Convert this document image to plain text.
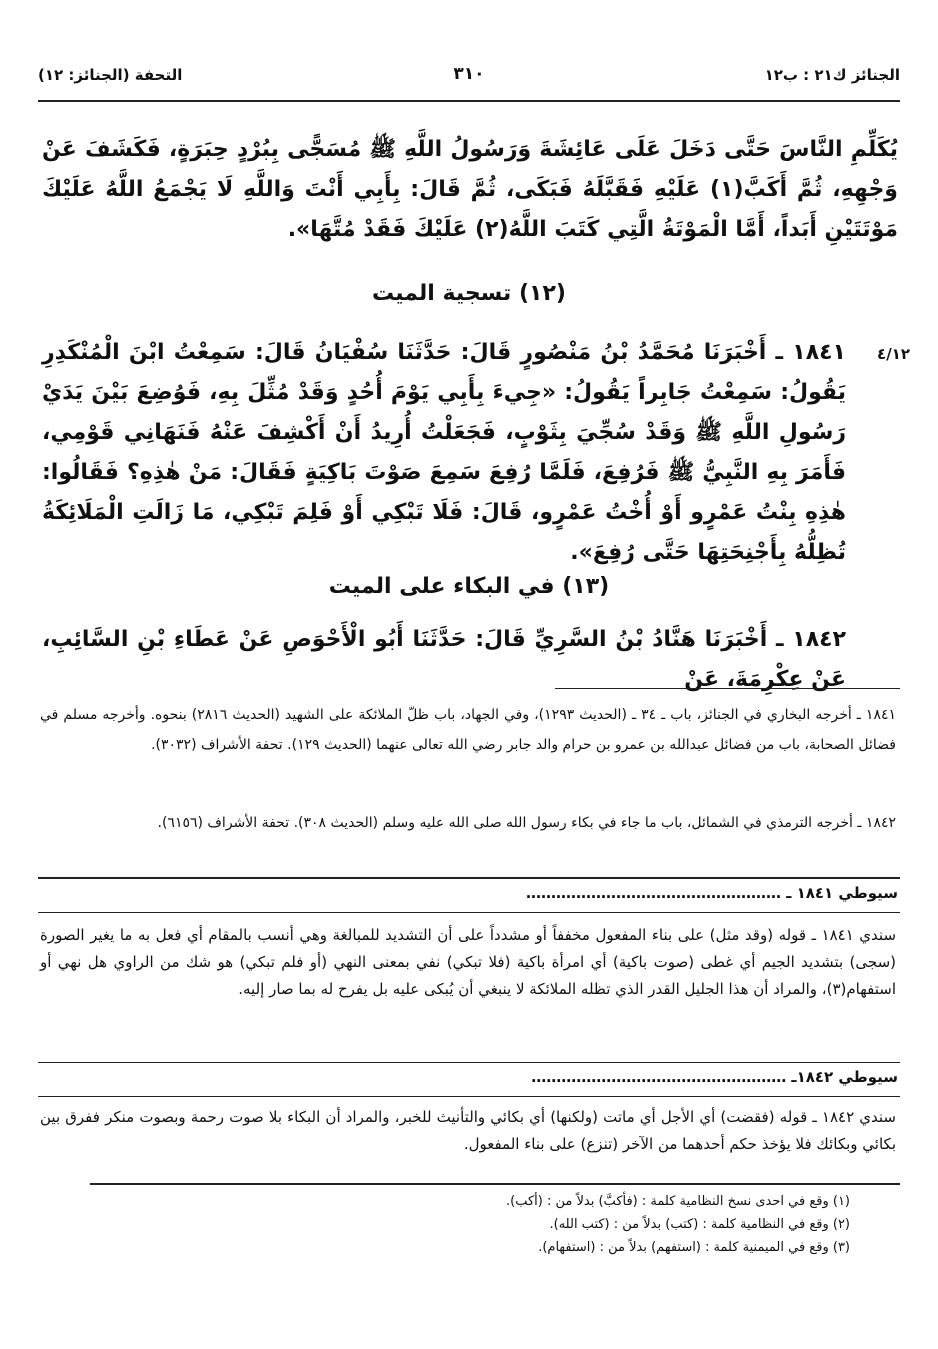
الجنائز ك٢١ : ب١٢
٣١٠
التحفة (الجنائز: ١٢)
يُكَلِّمِ النَّاسَ حَتَّى دَخَلَ عَلَى عَائِشَةَ وَرَسُولُ اللَّهِ ﷺ مُسَجًّى بِبُرْدٍ حِبَرَةٍ، فَكَشَفَ عَنْ وَجْهِهِ، ثُمَّ أَكَبَّ(١) عَلَيْهِ فَقَبَّلَهُ فَبَكَى، ثُمَّ قَالَ: بِأَبِي أَنْتَ وَاللَّهِ لَا يَجْمَعُ اللَّهُ عَلَيْكَ مَوْتَتَيْنِ أَبَداً، أَمَّا الْمَوْتَةُ الَّتِي كَتَبَ اللَّهُ(٢) عَلَيْكَ فَقَدْ مُتَّهَا».
(١٢) تسجية الميت
٤/١٢
١٨٤١ ـ أَخْبَرَنَا مُحَمَّدُ بْنُ مَنْصُورٍ قَالَ: حَدَّثَنَا سُفْيَانُ قَالَ: سَمِعْتُ ابْنَ الْمُنْكَدِرِ يَقُولُ: سَمِعْتُ جَابِراً يَقُولُ: «جِيءَ بِأَبِي يَوْمَ أُحُدٍ وَقَدْ مُثِّلَ بِهِ، فَوُضِعَ بَيْنَ يَدَيْ رَسُولِ اللَّهِ ﷺ وَقَدْ سُجِّيَ بِثَوْبٍ، فَجَعَلْتُ أُرِيدُ أَنْ أَكْشِفَ عَنْهُ فَنَهَانِي قَوْمِي، فَأَمَرَ بِهِ النَّبِيُّ ﷺ فَرُفِعَ، فَلَمَّا رُفِعَ سَمِعَ صَوْتَ بَاكِيَةٍ فَقَالَ: مَنْ هٰذِهِ؟ فَقَالُوا: هٰذِهِ بِنْتُ عَمْرٍو أَوْ أُخْتُ عَمْرٍو، قَالَ: فَلَا تَبْكِي أَوْ فَلِمَ تَبْكِي، مَا زَالَتِ الْمَلَائِكَةُ تُظِلُّهُ بِأَجْنِحَتِهَا حَتَّى رُفِعَ».
(١٣) في البكاء على الميت
١٨٤٢ ـ أَخْبَرَنَا هَنَّادُ بْنُ السَّرِيِّ قَالَ: حَدَّثَنَا أَبُو الْأَحْوَصِ عَنْ عَطَاءِ بْنِ السَّائِبِ، عَنْ عِكْرِمَةَ، عَنْ
١٨٤١ ـ أخرجه البخاري في الجنائز، باب ـ ٣٤ ـ (الحديث ١٢٩٣)، وفي الجهاد، باب ظلّ الملائكة على الشهيد (الحديث ٢٨١٦) بنحوه. وأخرجه مسلم في فضائل الصحابة، باب من فضائل عبدالله بن عمرو بن حرام والد جابر رضي الله تعالى عنهما (الحديث ١٢٩). تحفة الأشراف (٣٠٣٢).
١٨٤٢ ـ أخرجه الترمذي في الشمائل، باب ما جاء في بكاء رسول الله صلى الله عليه وسلم (الحديث ٣٠٨). تحفة الأشراف (٦١٥٦).
سيوطي ١٨٤١ ـ ……………………………………………
سندي ١٨٤١ ـ قوله (وقد مثل) على بناء المفعول مخففاً أو مشدداً على أن التشديد للمبالغة وهي أنسب بالمقام أي فعل به ما يغير الصورة (سجى) بتشديد الجيم أي غطى (صوت باكية) أي امرأة باكية (فلا تبكي) نفي بمعنى النهي (أو فلم تبكي) هو شك من الراوي هل نهي أو استفهام(٣)، والمراد أن هذا الجليل القدر الذي تظله الملائكة لا ينبغي أن يُبكى عليه بل يفرح له بما صار إليه.
سيوطي ١٨٤٢ـ ……………………………………………
سندي ١٨٤٢ ـ قوله (فقضت) أي الأجل أي ماتت (ولكنها) أي بكائي والتأنيث للخبر، والمراد أن البكاء بلا صوت رحمة وبصوت منكر ففرق بين بكائي وبكائك فلا يؤخذ حكم أحدهما من الآخر (تنزع) على بناء المفعول.
(١) وقع في احدى نسخ النظامية كلمة : (فأكبَّ) بدلاً من : (أكب).
(٢) وقع في النظامية كلمة : (كتب) بدلاً من : (كتب الله).
(٣) وقع في الميمنية كلمة : (استفهم) بدلاً من : (استفهام).
